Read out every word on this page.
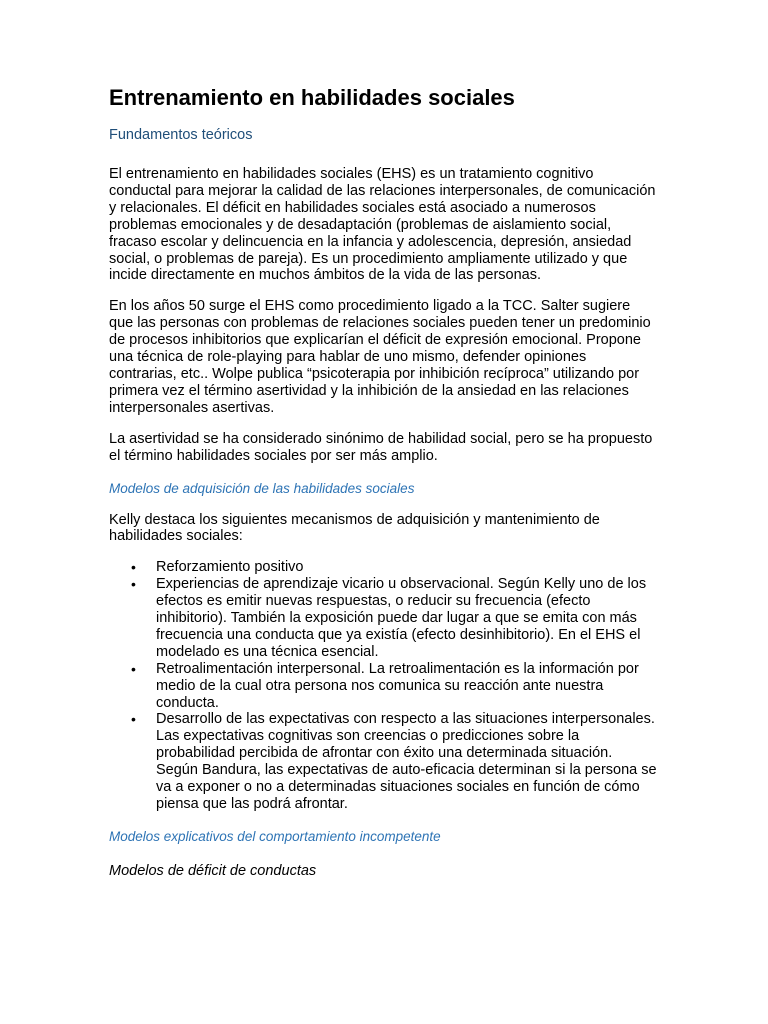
Entrenamiento en habilidades sociales
Fundamentos teóricos

El entrenamiento en habilidades sociales (EHS) es un tratamiento cognitivo conductal para mejorar la calidad de las relaciones interpersonales, de comunicación y relacionales. El déficit en habilidades sociales está asociado a numerosos problemas emocionales y de desadaptación (problemas de aislamiento social, fracaso escolar y delincuencia en la infancia y adolescencia, depresión, ansiedad social, o problemas de pareja). Es un procedimiento ampliamente utilizado y que incide directamente en muchos ámbitos de la vida de las personas.

En los años 50 surge el EHS como procedimiento ligado a la TCC. Salter sugiere que las personas con problemas de relaciones sociales pueden tener un predominio de procesos inhibitorios que explicarían el déficit de expresión emocional. Propone una técnica de role-playing para hablar de uno mismo, defender opiniones contrarias, etc.. Wolpe publica “psicoterapia por inhibición recíproca” utilizando por primera vez el término asertividad y la inhibición de la ansiedad en las relaciones interpersonales asertivas.

La asertividad se ha considerado sinónimo de habilidad social, pero se ha propuesto el término habilidades sociales por ser más amplio.

Modelos de adquisición de las habilidades sociales

Kelly destaca los siguientes mecanismos de adquisición y mantenimiento de habilidades sociales:

• Reforzamiento positivo
• Experiencias de aprendizaje vicario u observacional. Según Kelly uno de los efectos es emitir nuevas respuestas, o reducir su frecuencia (efecto inhibitorio). También la exposición puede dar lugar a que se emita con más frecuencia una conducta que ya existía (efecto desinhibitorio). En el EHS el modelado es una técnica esencial.
• Retroalimentación interpersonal. La retroalimentación es la información por medio de la cual otra persona nos comunica su reacción ante nuestra conducta.
• Desarrollo de las expectativas con respecto a las situaciones interpersonales. Las expectativas cognitivas son creencias o predicciones sobre la probabilidad percibida de afrontar con éxito una determinada situación. Según Bandura, las expectativas de auto-eficacia determinan si la persona se va a exponer o no a determinadas situaciones sociales en función de cómo piensa que las podrá afrontar.
Modelos explicativos del comportamiento incompetente
Modelos de déficit de conductas
